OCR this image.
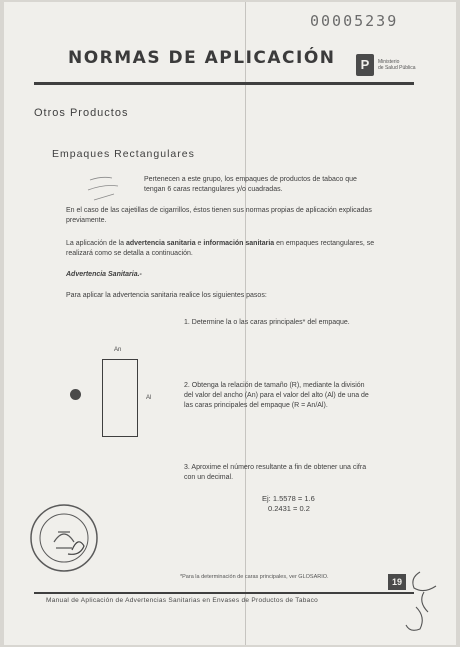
00005239
NORMAS DE APLICACIÓN	P	Ministerio
de Salud Pública
Otros Productos
Empaques Rectangulares
Pertenecen a este grupo, los empaques de productos de tabaco que tengan 6 caras rectangulares y/o cuadradas.
En el caso de las cajetillas de cigarrillos, éstos tienen sus normas propias de aplicación explicadas previamente.
La aplicación de la advertencia sanitaria e información sanitaria en empaques rectangulares, se realizará como se detalla a continuación.
Advertencia Sanitaria.-
Para aplicar la advertencia sanitaria realice los siguientes pasos:
1. Determine la o las caras principales* del empaque.
2. Obtenga la relación de tamaño (R), mediante la división del valor del ancho (An) para el valor del alto (Al) de una de las caras principales del empaque (R = An/Al).
3. Aproxime el número resultante a fin de obtener una cifra con un decimal.
Ej: 1.5578 = 1.6
0.2431 = 0.2
An
Al
*Para la determinación de caras principales, ver GLOSARIO.	19
Manual de Aplicación de Advertencias Sanitarias en Envases de Productos de Tabaco
